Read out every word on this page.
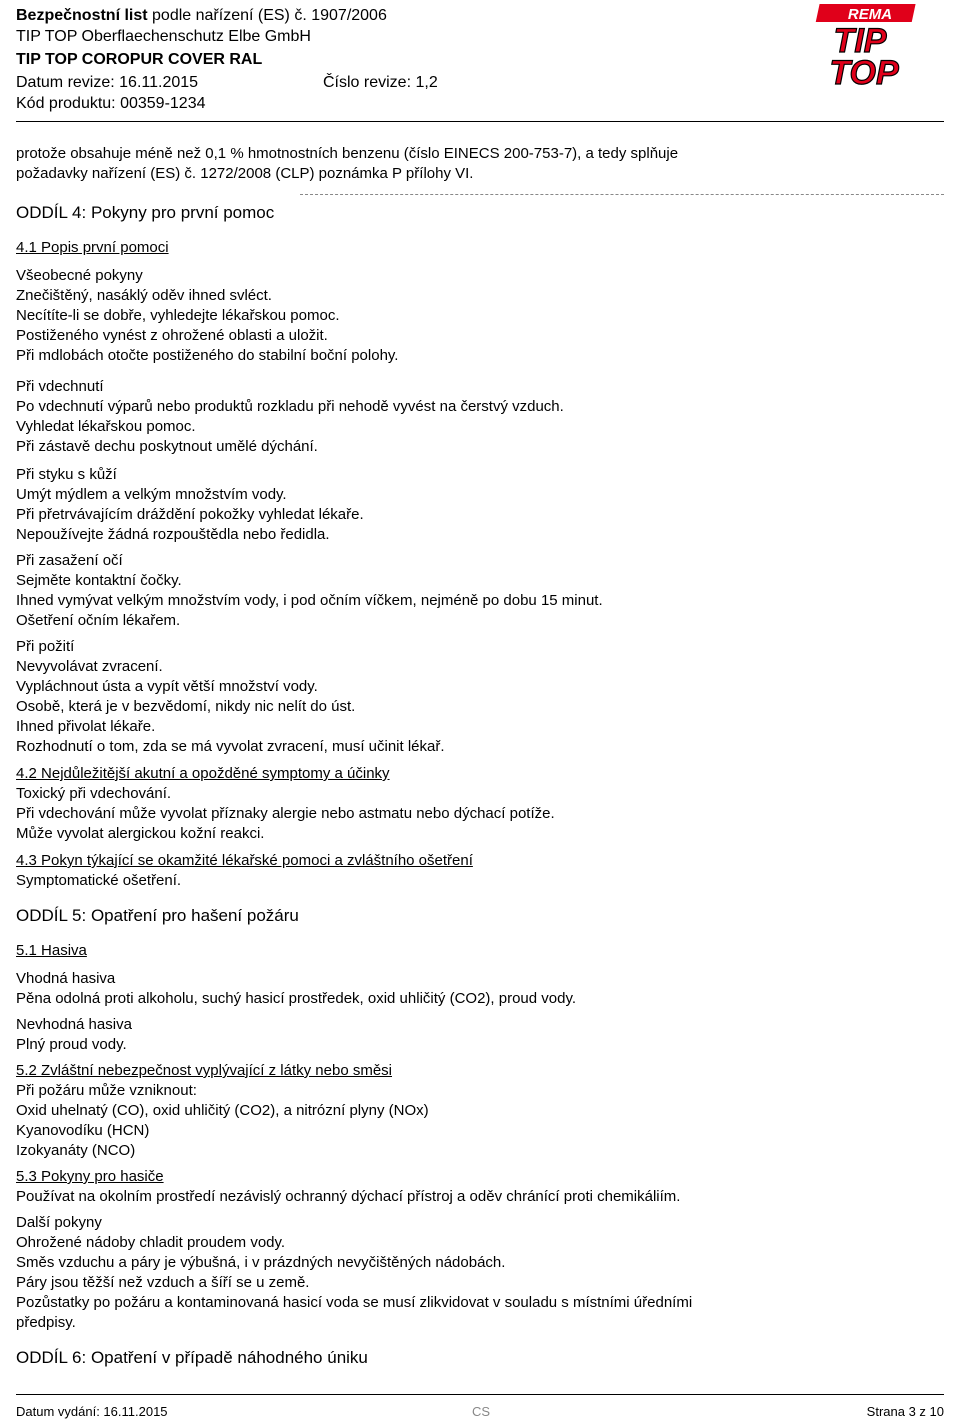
Bezpečnostní list podle nařízení (ES) č. 1907/2006
TIP TOP Oberflaechenschutz Elbe GmbH
TIP TOP COROPUR COVER RAL
Datum revize: 16.11.2015	Číslo revize: 1,2
Kód produktu: 00359-1234
REMA
TIP
TOP

protože obsahuje méně než 0,1 % hmotnostních benzenu (číslo EINECS 200-753-7), a tedy splňuje

požadavky nařízení (ES) č. 1272/2008 (CLP) poznámka P přílohy VI.

ODDÍL 4: Pokyny pro první pomoc

4.1 Popis první pomoci

Všeobecné pokyny

Znečištěný, nasáklý oděv ihned svléct.

Necítíte-li se dobře, vyhledejte lékařskou pomoc.

Postiženého vynést z ohrožené oblasti a uložit.

Při mdlobách otočte postiženého do stabilní boční polohy.

Při vdechnutí

Po vdechnutí výparů nebo produktů rozkladu při nehodě vyvést na čerstvý vzduch.

Vyhledat lékařskou pomoc.

Při zástavě dechu poskytnout umělé dýchání.

Při styku s kůží

Umýt mýdlem a velkým množstvím vody.

Při přetrvávajícím dráždění pokožky vyhledat lékaře.

Nepoužívejte žádná rozpouštědla nebo ředidla.

Při zasažení očí

Sejměte kontaktní čočky.

Ihned vymývat velkým množstvím vody, i pod očním víčkem, nejméně po dobu 15 minut.

Ošetření očním lékařem.

Při požití

Nevyvolávat zvracení.

Vypláchnout ústa a vypít větší množství vody.

Osobě, která je v bezvědomí, nikdy nic nelít do úst.

Ihned přivolat lékaře.

Rozhodnutí o tom, zda se má vyvolat zvracení, musí učinit lékař.

4.2 Nejdůležitější akutní a opožděné symptomy a účinky

Toxický při vdechování.

Při vdechování může vyvolat příznaky alergie nebo astmatu nebo dýchací potíže.

Může vyvolat alergickou kožní reakci.

4.3 Pokyn týkající se okamžité lékařské pomoci a zvláštního ošetření

Symptomatické ošetření.

ODDÍL 5: Opatření pro hašení požáru

5.1 Hasiva

Vhodná hasiva

Pěna odolná proti alkoholu, suchý hasicí prostředek, oxid uhličitý (CO2), proud vody.

Nevhodná hasiva

Plný proud vody.

5.2 Zvláštní nebezpečnost vyplývající z látky nebo směsi

Při požáru může vzniknout:

Oxid uhelnatý (CO), oxid uhličitý (CO2), a nitrózní plyny (NOx)

Kyanovodíku (HCN)

Izokyanáty (NCO)

5.3 Pokyny pro hasiče

Používat na okolním prostředí nezávislý ochranný dýchací přístroj a oděv chránící proti chemikáliím.

Další pokyny

Ohrožené nádoby chladit proudem vody.

Směs vzduchu a páry je výbušná, i v prázdných nevyčištěných nádobách.

Páry jsou těžší než vzduch a šíří se u země.

Pozůstatky po požáru a kontaminovaná hasicí voda se musí zlikvidovat v souladu s místními úředními

předpisy.

ODDÍL 6: Opatření v případě náhodného úniku

Datum vydání: 16.11.2015	CS	Strana 3 z 10
